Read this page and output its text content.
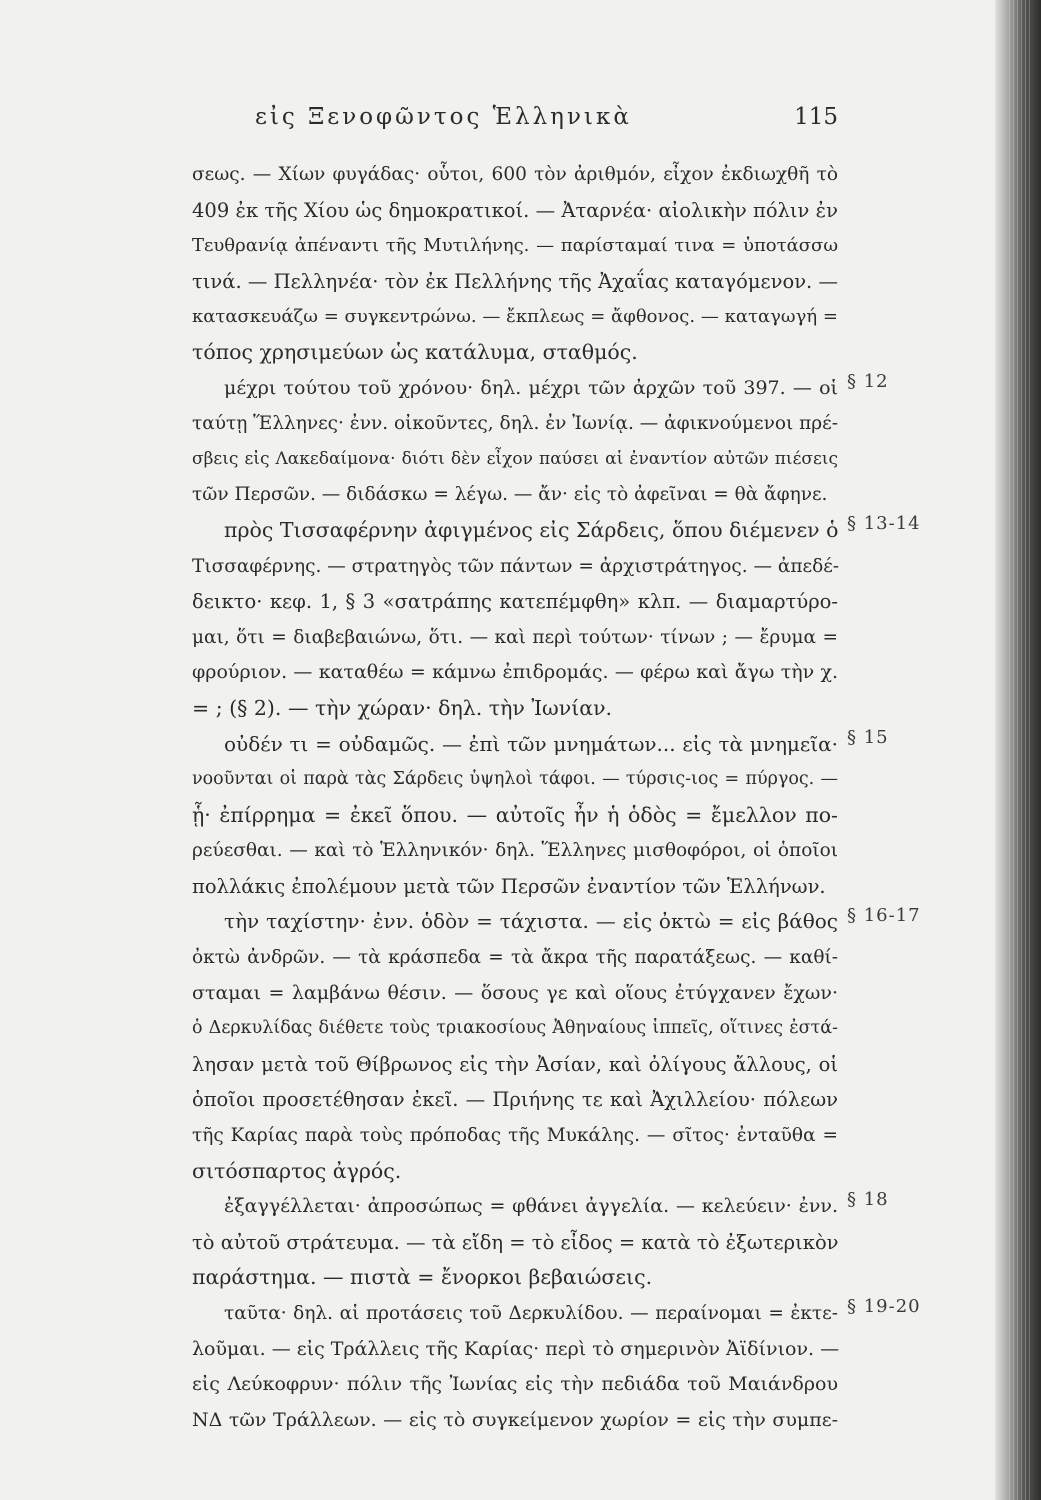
εἰς Ξενοφῶντος Ἑλληνικὰ	115
σεως. — Χίων φυγάδας· οὗτοι, 600 τὸν ἀριθμόν, εἶχον ἐκδιωχθῆ τὸ
409 ἐκ τῆς Χίου ὡς δημοκρατικοί. — Ἀταρνέα· αἰολικὴν πόλιν ἐν
Τευθρανίᾳ ἀπέναντι τῆς Μυτιλήνης. — παρίσταμαί τινα = ὑποτάσσω
τινά. — Πελληνέα· τὸν ἐκ Πελλήνης τῆς Ἀχαΐας καταγόμενον. —
κατασκευάζω = συγκεντρώνω. — ἔκπλεως = ἄφθονος. — καταγωγή =
τόπος χρησιμεύων ὡς κατάλυμα, σταθμός.
μέχρι τούτου τοῦ χρόνου· δηλ. μέχρι τῶν ἀρχῶν τοῦ 397. — οἱ § 12
ταύτῃ Ἕλληνες· ἐνν. οἰκοῦντες, δηλ. ἐν Ἰωνίᾳ. — ἀφικνούμενοι πρέ-
σβεις εἰς Λακεδαίμονα· διότι δὲν εἶχον παύσει αἱ ἐναντίον αὐτῶν πιέσεις
τῶν Περσῶν. — διδάσκω = λέγω. — ἄν· εἰς τὸ ἀφεῖναι = θὰ ἄφηνε.
πρὸς Τισσαφέρνην ἀφιγμένος εἰς Σάρδεις, ὅπου διέμενεν ὁ § 13-14
Τισσαφέρνης. — στρατηγὸς τῶν πάντων = ἀρχιστράτηγος. — ἀπεδέ-
δεικτο· κεφ. 1, § 3 «σατράπης κατεπέμφθη» κλπ. — διαμαρτύρο-
μαι, ὅτι = διαβεβαιώνω, ὅτι. — καὶ περὶ τούτων· τίνων ; — ἔρυμα =
φρούριον. — καταθέω = κάμνω ἐπιδρομάς. — φέρω καὶ ἄγω τὴν χ.
= ; (§ 2). — τὴν χώραν· δηλ. τὴν Ἰωνίαν.
οὐδέν τι = οὐδαμῶς. — ἐπὶ τῶν μνημάτων... εἰς τὰ μνημεῖα· § 15
νοοῦνται οἱ παρὰ τὰς Σάρδεις ὑψηλοὶ τάφοι. — τύρσις-ιος = πύργος. —
ᾗ· ἐπίρρημα = ἐκεῖ ὅπου. — αὐτοῖς ἦν ἡ ὁδὸς = ἔμελλον πο-
ρεύεσθαι. — καὶ τὸ Ἑλληνικόν· δηλ. Ἕλληνες μισθοφόροι, οἱ ὁποῖοι
πολλάκις ἐπολέμουν μετὰ τῶν Περσῶν ἐναντίον τῶν Ἑλλήνων.
τὴν ταχίστην· ἐνν. ὁδὸν = τάχιστα. — εἰς ὀκτὼ = εἰς βάθος § 16-17
ὀκτὼ ἀνδρῶν. — τὰ κράσπεδα = τὰ ἄκρα τῆς παρατάξεως. — καθί-
σταμαι = λαμβάνω θέσιν. — ὅσους γε καὶ οἵους ἐτύγχανεν ἔχων·
ὁ Δερκυλίδας διέθετε τοὺς τριακοσίους Ἀθηναίους ἱππεῖς, οἵτινες ἐστά-
λησαν μετὰ τοῦ Θίβρωνος εἰς τὴν Ἀσίαν, καὶ ὀλίγους ἄλλους, οἱ
ὁποῖοι προσετέθησαν ἐκεῖ. — Πριήνης τε καὶ Ἀχιλλείου· πόλεων
τῆς Καρίας παρὰ τοὺς πρόποδας τῆς Μυκάλης. — σῖτος· ἐνταῦθα =
σιτόσπαρτος ἀγρός.
ἐξαγγέλλεται· ἀπροσώπως = φθάνει ἀγγελία. — κελεύειν· ἐνν. § 18
τὸ αὐτοῦ στράτευμα. — τὰ εἴδη = τὸ εἶδος = κατὰ τὸ ἐξωτερικὸν
παράστημα. — πιστὰ = ἔνορκοι βεβαιώσεις.
ταῦτα· δηλ. αἱ προτάσεις τοῦ Δερκυλίδου. — περαίνομαι = ἐκτε- § 19-20
λοῦμαι. — εἰς Τράλλεις τῆς Καρίας· περὶ τὸ σημερινὸν Ἀϊδίνιον. —
εἰς Λεύκοφρυν· πόλιν τῆς Ἰωνίας εἰς τὴν πεδιάδα τοῦ Μαιάνδρου
ΝΔ τῶν Τράλλεων. — εἰς τὸ συγκείμενον χωρίον = εἰς τὴν συμπε-
